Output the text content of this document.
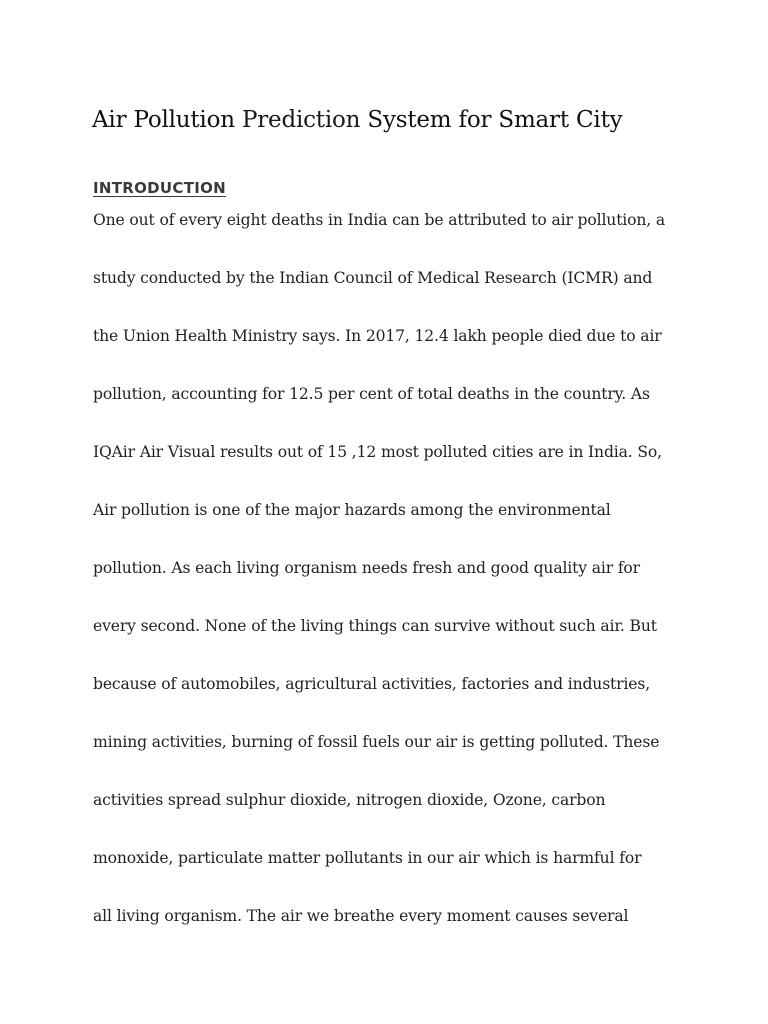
Air Pollution Prediction System for Smart City
INTRODUCTION
One out of every eight deaths in India can be attributed to air pollution, a
study conducted by the Indian Council of Medical Research (ICMR) and
the Union Health Ministry says. In 2017, 12.4 lakh people died due to air
pollution, accounting for 12.5 per cent of total deaths in the country. As
IQAir Air Visual results out of 15 ,12 most polluted cities are in India. So,
Air pollution is one of the major hazards among the environmental
pollution. As each living organism needs fresh and good quality air for
every second. None of the living things can survive without such air. But
because of automobiles, agricultural activities, factories and industries,
mining activities, burning of fossil fuels our air is getting polluted. These
activities spread sulphur dioxide, nitrogen dioxide, Ozone, carbon
monoxide, particulate matter pollutants in our air which is harmful for
all living organism. The air we breathe every moment causes several
